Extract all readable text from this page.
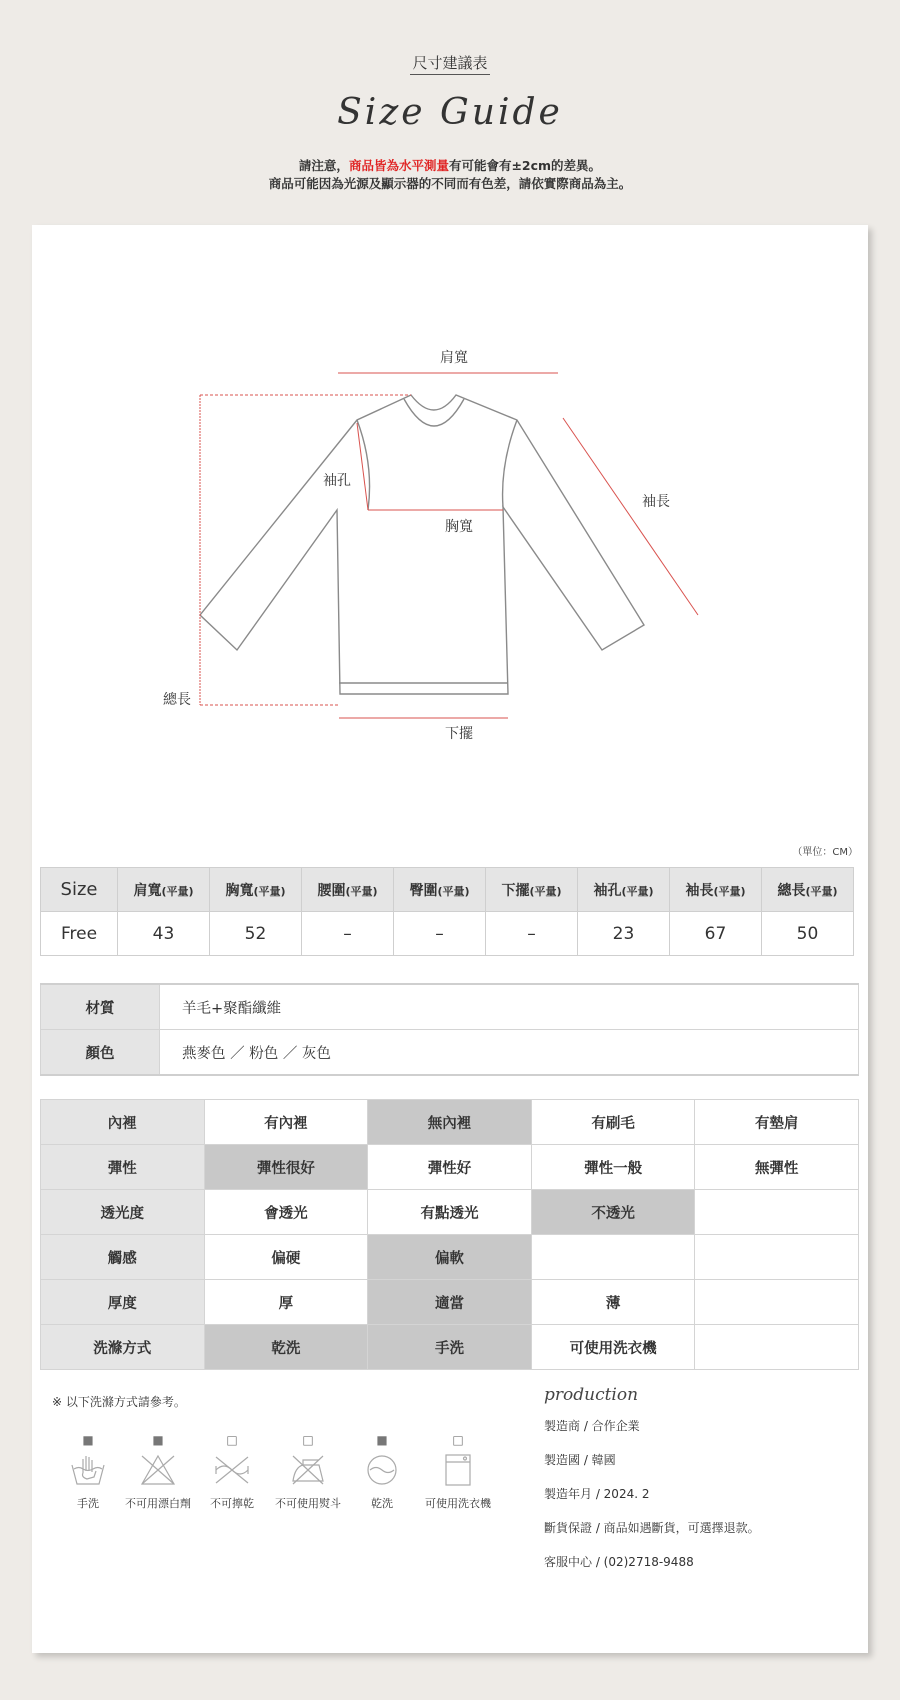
尺寸建議表
Size Guide
請注意，商品皆為水平測量有可能會有±2cm的差異。
商品可能因為光源及顯示器的不同而有色差，請依實際商品為主。
肩寬
袖孔
胸寬
袖長
總長
下擺
（單位：CM）
Size	肩寬(平量)	胸寬(平量)	腰圍(平量)	臀圍(平量)	下擺(平量)	袖孔(平量)	袖長(平量)	總長(平量)
Free	43	52	–	–	–	23	67	50
材質	羊毛+聚酯纖維
顏色	燕麥色 ／ 粉色 ／ 灰色
內裡	有內裡	無內裡	有刷毛	有墊肩
彈性	彈性很好	彈性好	彈性一般	無彈性
透光度	會透光	有點透光	不透光	
觸感	偏硬	偏軟		
厚度	厚	適當	薄	
洗滌方式	乾洗	手洗	可使用洗衣機	
※ 以下洗滌方式請參考。
■
手洗
■
不可用漂白劑
□
不可擰乾
□
不可使用熨斗
■
乾洗
□
可使用洗衣機
production
製造商 / 合作企業
製造國 / 韓國
製造年月 / 2024. 2
斷貨保證 / 商品如遇斷貨，可選擇退款。
客服中心 / (02)2718-9488
